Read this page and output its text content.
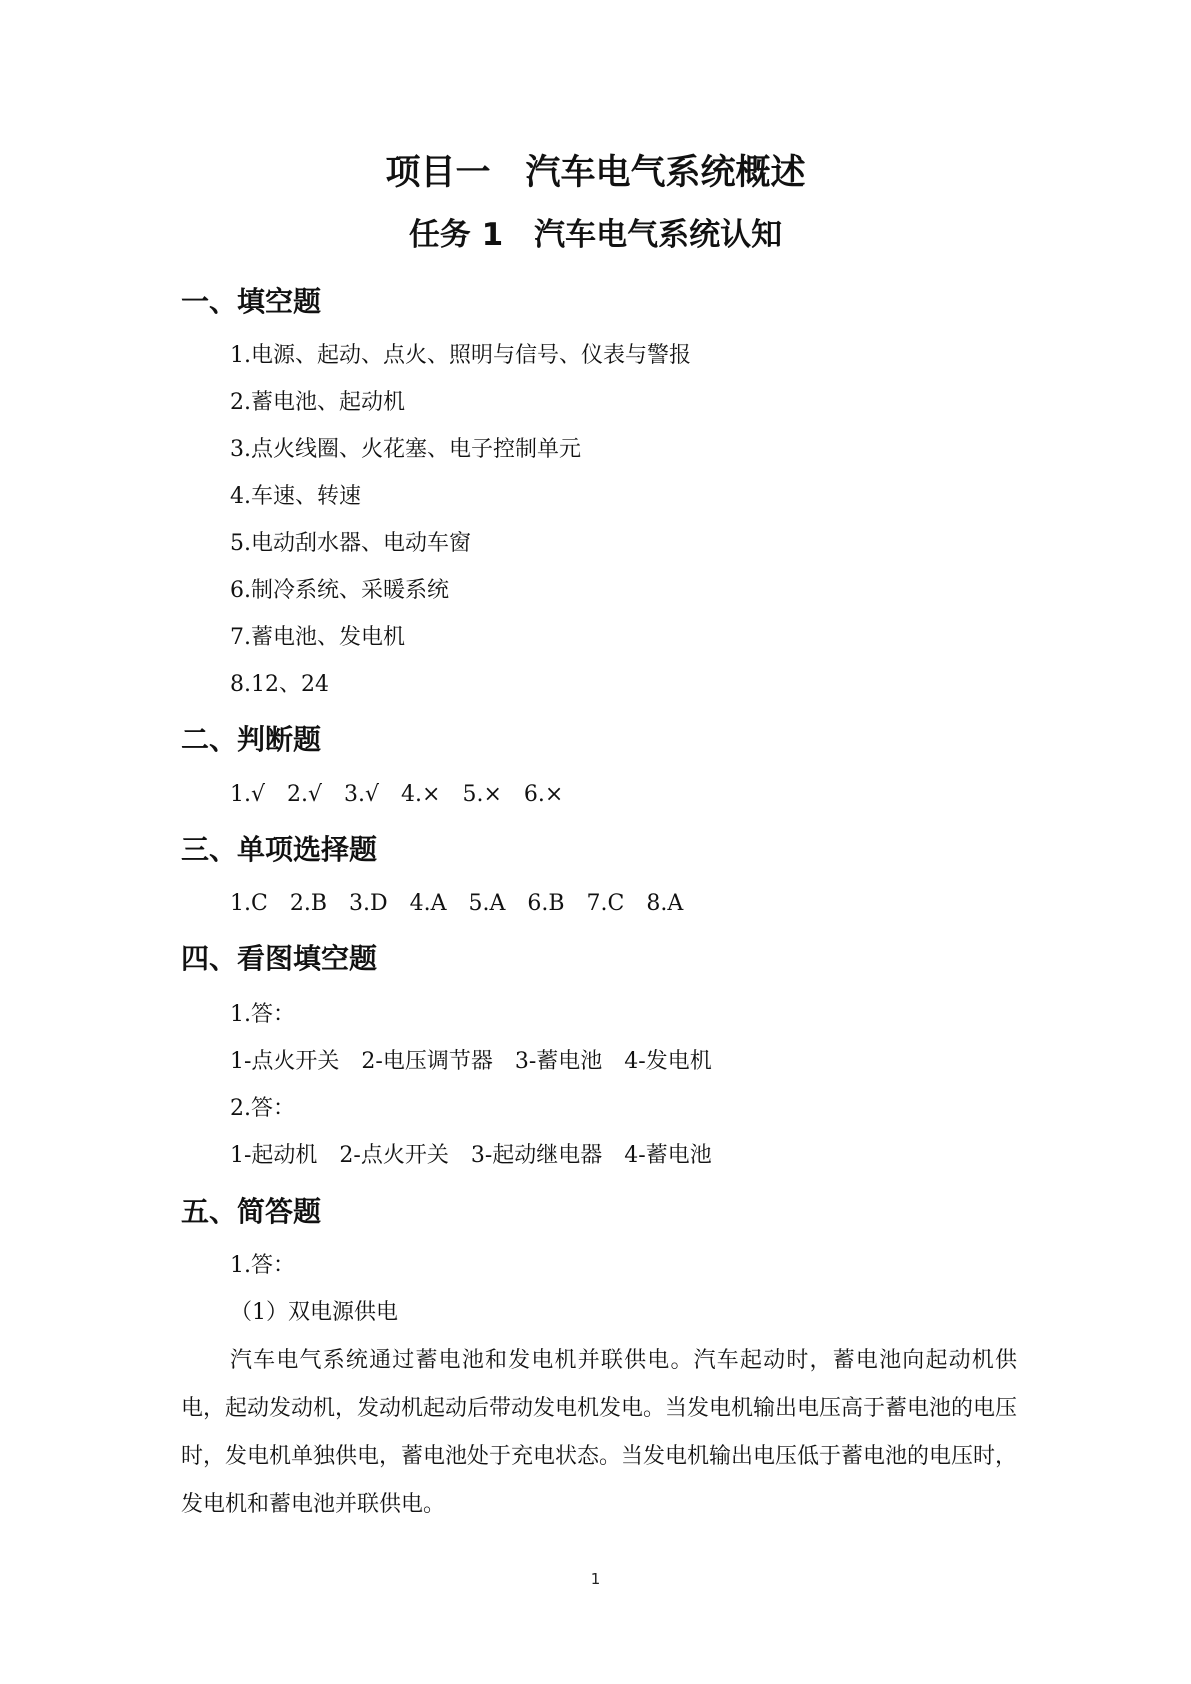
项目一　汽车电气系统概述
任务 1　汽车电气系统认知
一、填空题
1.电源、起动、点火、照明与信号、仪表与警报
2.蓄电池、起动机
3.点火线圈、火花塞、电子控制单元
4.车速、转速
5.电动刮水器、电动车窗
6.制冷系统、采暖系统
7.蓄电池、发电机
8.12、24
二、判断题
1.√　2.√　3.√　4.×　5.×　6.×
三、单项选择题
1.C　2.B　3.D　4.A　5.A　6.B　7.C　8.A
四、看图填空题
1.答：
1-点火开关　2-电压调节器　3-蓄电池　4-发电机
2.答：
1-起动机　2-点火开关　3-起动继电器　4-蓄电池
五、简答题
1.答：
（1）双电源供电
汽车电气系统通过蓄电池和发电机并联供电。汽车起动时，蓄电池向起动机供电，起动发动机，发动机起动后带动发电机发电。当发电机输出电压高于蓄电池的电压时，发电机单独供电，蓄电池处于充电状态。当发电机输出电压低于蓄电池的电压时，发电机和蓄电池并联供电。
1
